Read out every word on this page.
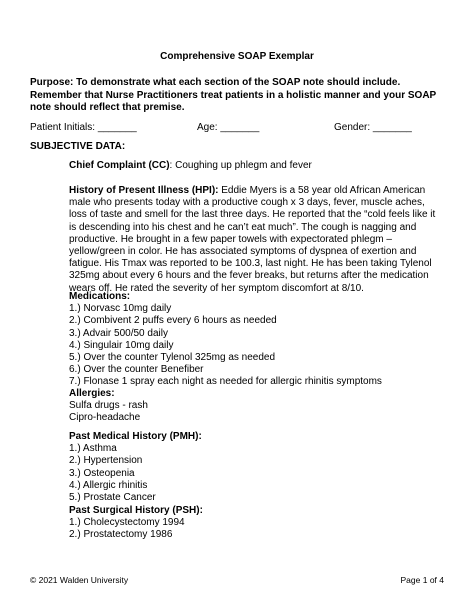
Comprehensive SOAP Exemplar
Purpose: To demonstrate what each section of the SOAP note should include. Remember that Nurse Practitioners treat patients in a holistic manner and your SOAP note should reflect that premise.
Patient Initials: _______	Age: _______	Gender: _______
SUBJECTIVE DATA:
Chief Complaint (CC): Coughing up phlegm and fever
History of Present Illness (HPI): Eddie Myers is a 58 year old African American male who presents today with a productive cough x 3 days, fever, muscle aches, loss of taste and smell for the last three days. He reported that the “cold feels like it is descending into his chest and he can’t eat much”. The cough is nagging and productive. He brought in a few paper towels with expectorated phlegm – yellow/green in color. He has associated symptoms of dyspnea of exertion and fatigue. His Tmax was reported to be 100.3, last night. He has been taking Tylenol 325mg about every 6 hours and the fever breaks, but returns after the medication wears off. He rated the severity of her symptom discomfort at 8/10.
Medications:
1.) Norvasc 10mg daily
2.) Combivent 2 puffs every 6 hours as needed
3.) Advair 500/50 daily
4.) Singulair 10mg daily
5.) Over the counter Tylenol 325mg as needed
6.) Over the counter Benefiber
7.) Flonase 1 spray each night as needed for allergic rhinitis symptoms
Allergies:
Sulfa drugs - rash
Cipro-headache
Past Medical History (PMH):
1.) Asthma
2.) Hypertension
3.) Osteopenia
4.) Allergic rhinitis
5.) Prostate Cancer
Past Surgical History (PSH):
1.) Cholecystectomy 1994
2.) Prostatectomy 1986
© 2021 Walden University	Page 1 of 4
